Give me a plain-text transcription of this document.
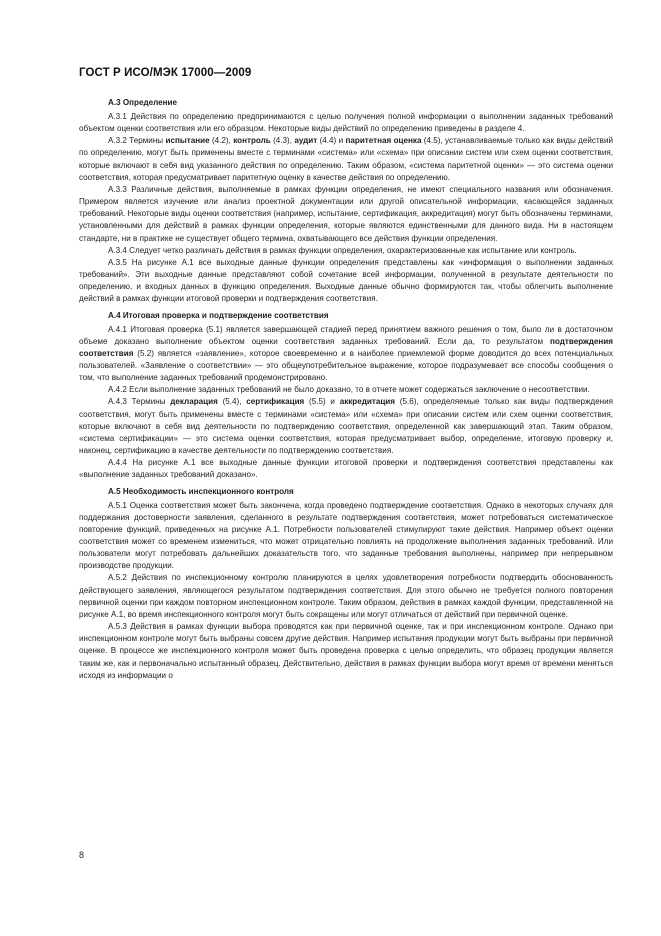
ГОСТ Р ИСО/МЭК 17000—2009
А.3 Определение

А.3.1 Действия по определению предпринимаются с целью получения полной информации о выполнении заданных требований объектом оценки соответствия или его образцом. Некоторые виды действий по определению приведены в разделе 4.

А.3.2 Термины испытание (4.2), контроль (4.3), аудит (4.4) и паритетная оценка (4.5), устанавливаемые только как виды действий по определению, могут быть применены вместе с терминами «система» или «схема» при описании систем или схем оценки соответствия, которые включают в себя вид указанного действия по определению. Таким образом, «система паритетной оценки» — это система оценки соответствия, которая предусматривает паритетную оценку в качестве действия по определению.

А.3.3 Различные действия, выполняемые в рамках функции определения, не имеют специального названия или обозначения. Примером является изучение или анализ проектной документации или другой описательной информации, касающейся заданных требований. Некоторые виды оценки соответствия (например, испытание, сертификация, аккредитация) могут быть обозначены терминами, установленными для действий в рамках функции определения, которые являются единственными для данного вида. Ни в настоящем стандарте, ни в практике не существует общего термина, охватывающего все действия функции определения.

А.3.4 Следует четко различать действия в рамках функции определения, охарактеризованные как испытание или контроль.

А.3.5 На рисунке А.1 все выходные данные функции определения представлены как «информация о выполнении заданных требований». Эти выходные данные представляют собой сочетание всей информации, полученной в результате деятельности по определению, и входных данных в функцию определения. Выходные данные обычно формируются так, чтобы облегчить выполнение действий в рамках функции итоговой проверки и подтверждения соответствия.

А.4 Итоговая проверка и подтверждение соответствия

А.4.1 Итоговая проверка (5.1) является завершающей стадией перед принятием важного решения о том, было ли в достаточном объеме доказано выполнение объектом оценки соответствия заданных требований. Если да, то результатом подтверждения соответствия (5.2) является «заявление», которое своевременно и в наиболее приемлемой форме доводится до всех потенциальных пользователей. «Заявление о соответствии» — это общеупотребительное выражение, которое подразумевает все способы сообщения о том, что выполнение заданных требований продемонстрировано.

А.4.2 Если выполнение заданных требований не было доказано, то в отчете может содержаться заключение о несоответствии.

А.4.3 Термины декларация (5.4), сертификация (5.5) и аккредитация (5.6), определяемые только как виды подтверждения соответствия, могут быть применены вместе с терминами «система» или «схема» при описании систем или схем оценки соответствия, которые включают в себя вид деятельности по подтверждению соответствия, определенной как завершающий этап. Таким образом, «система сертификации» — это система оценки соответствия, которая предусматривает выбор, определение, итоговую проверку и, наконец, сертификацию в качестве деятельности по подтверждению соответствия.

А.4.4 На рисунке А.1 все выходные данные функции итоговой проверки и подтверждения соответствия представлены как «выполнение заданных требований доказано».

А.5 Необходимость инспекционного контроля

А.5.1 Оценка соответствия может быть закончена, когда проведено подтверждение соответствия. Однако в некоторых случаях для поддержания достоверности заявления, сделанного в результате подтверждения соответствия, может потребоваться систематическое повторение функций, приведенных на рисунке А.1. Потребности пользователей стимулируют такие действия. Например объект оценки соответствия может со временем измениться, что может отрицательно повлиять на продолжение выполнения заданных требований. Или пользователи могут потребовать дальнейших доказательств того, что заданные требования выполнены, например при непрерывном производстве продукции.

А.5.2 Действия по инспекционному контролю планируются в целях удовлетворения потребности подтвердить обоснованность действующего заявления, являющегося результатом подтверждения соответствия. Для этого обычно не требуется полного повторения первичной оценки при каждом повторном инспекционном контроле. Таким образом, действия в рамках каждой функции, представленной на рисунке А.1, во время инспекционного контроля могут быть сокращены или могут отличаться от действий при первичной оценке.

А.5.3 Действия в рамках функции выбора проводятся как при первичной оценке, так и при инспекционном контроле. Однако при инспекционном контроле могут быть выбраны совсем другие действия. Например испытания продукции могут быть выбраны при первичной оценке. В процессе же инспекционного контроля может быть проведена проверка с целью определить, что образец продукции является таким же, как и первоначально испытанный образец. Действительно, действия в рамках функции выбора могут время от времени меняться исходя из информации о

8
